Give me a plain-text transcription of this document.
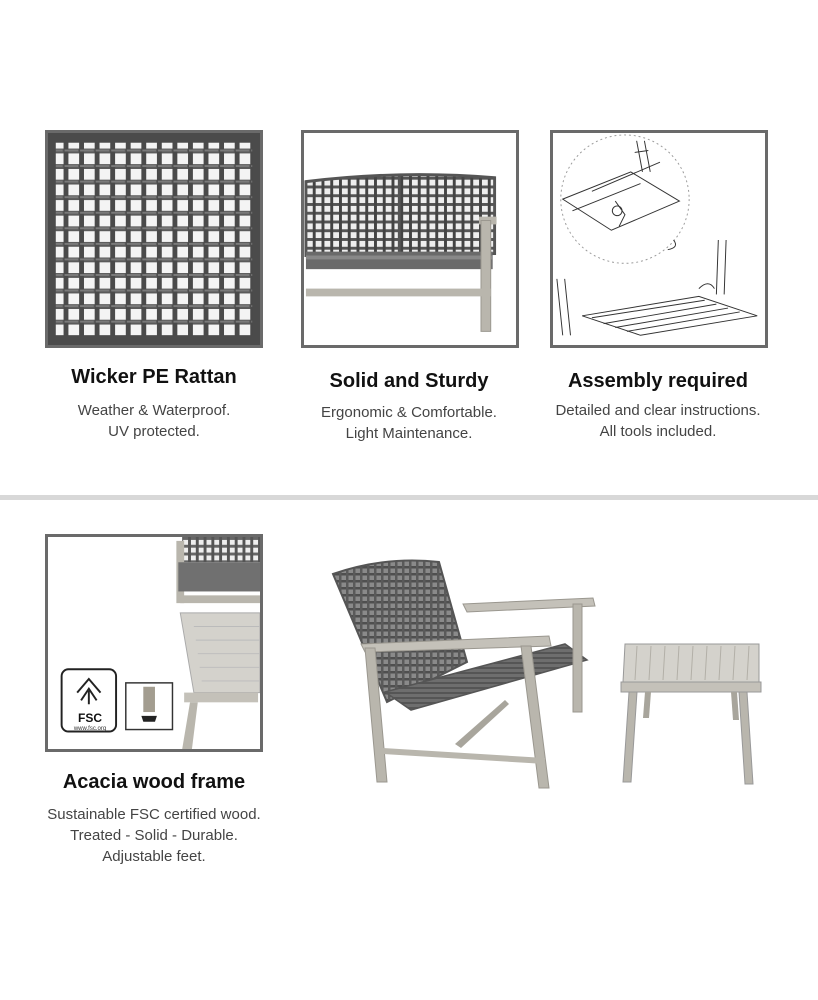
Wicker PE Rattan
Weather & Waterproof.
UV protected.
Solid and Sturdy
Ergonomic & Comfortable.
Light Maintenance.
Assembly required
Detailed and clear instructions.
All tools included.
FSC
www.fsc.org
Acacia wood frame
Sustainable FSC certified wood.
Treated - Solid - Durable.
Adjustable feet.
